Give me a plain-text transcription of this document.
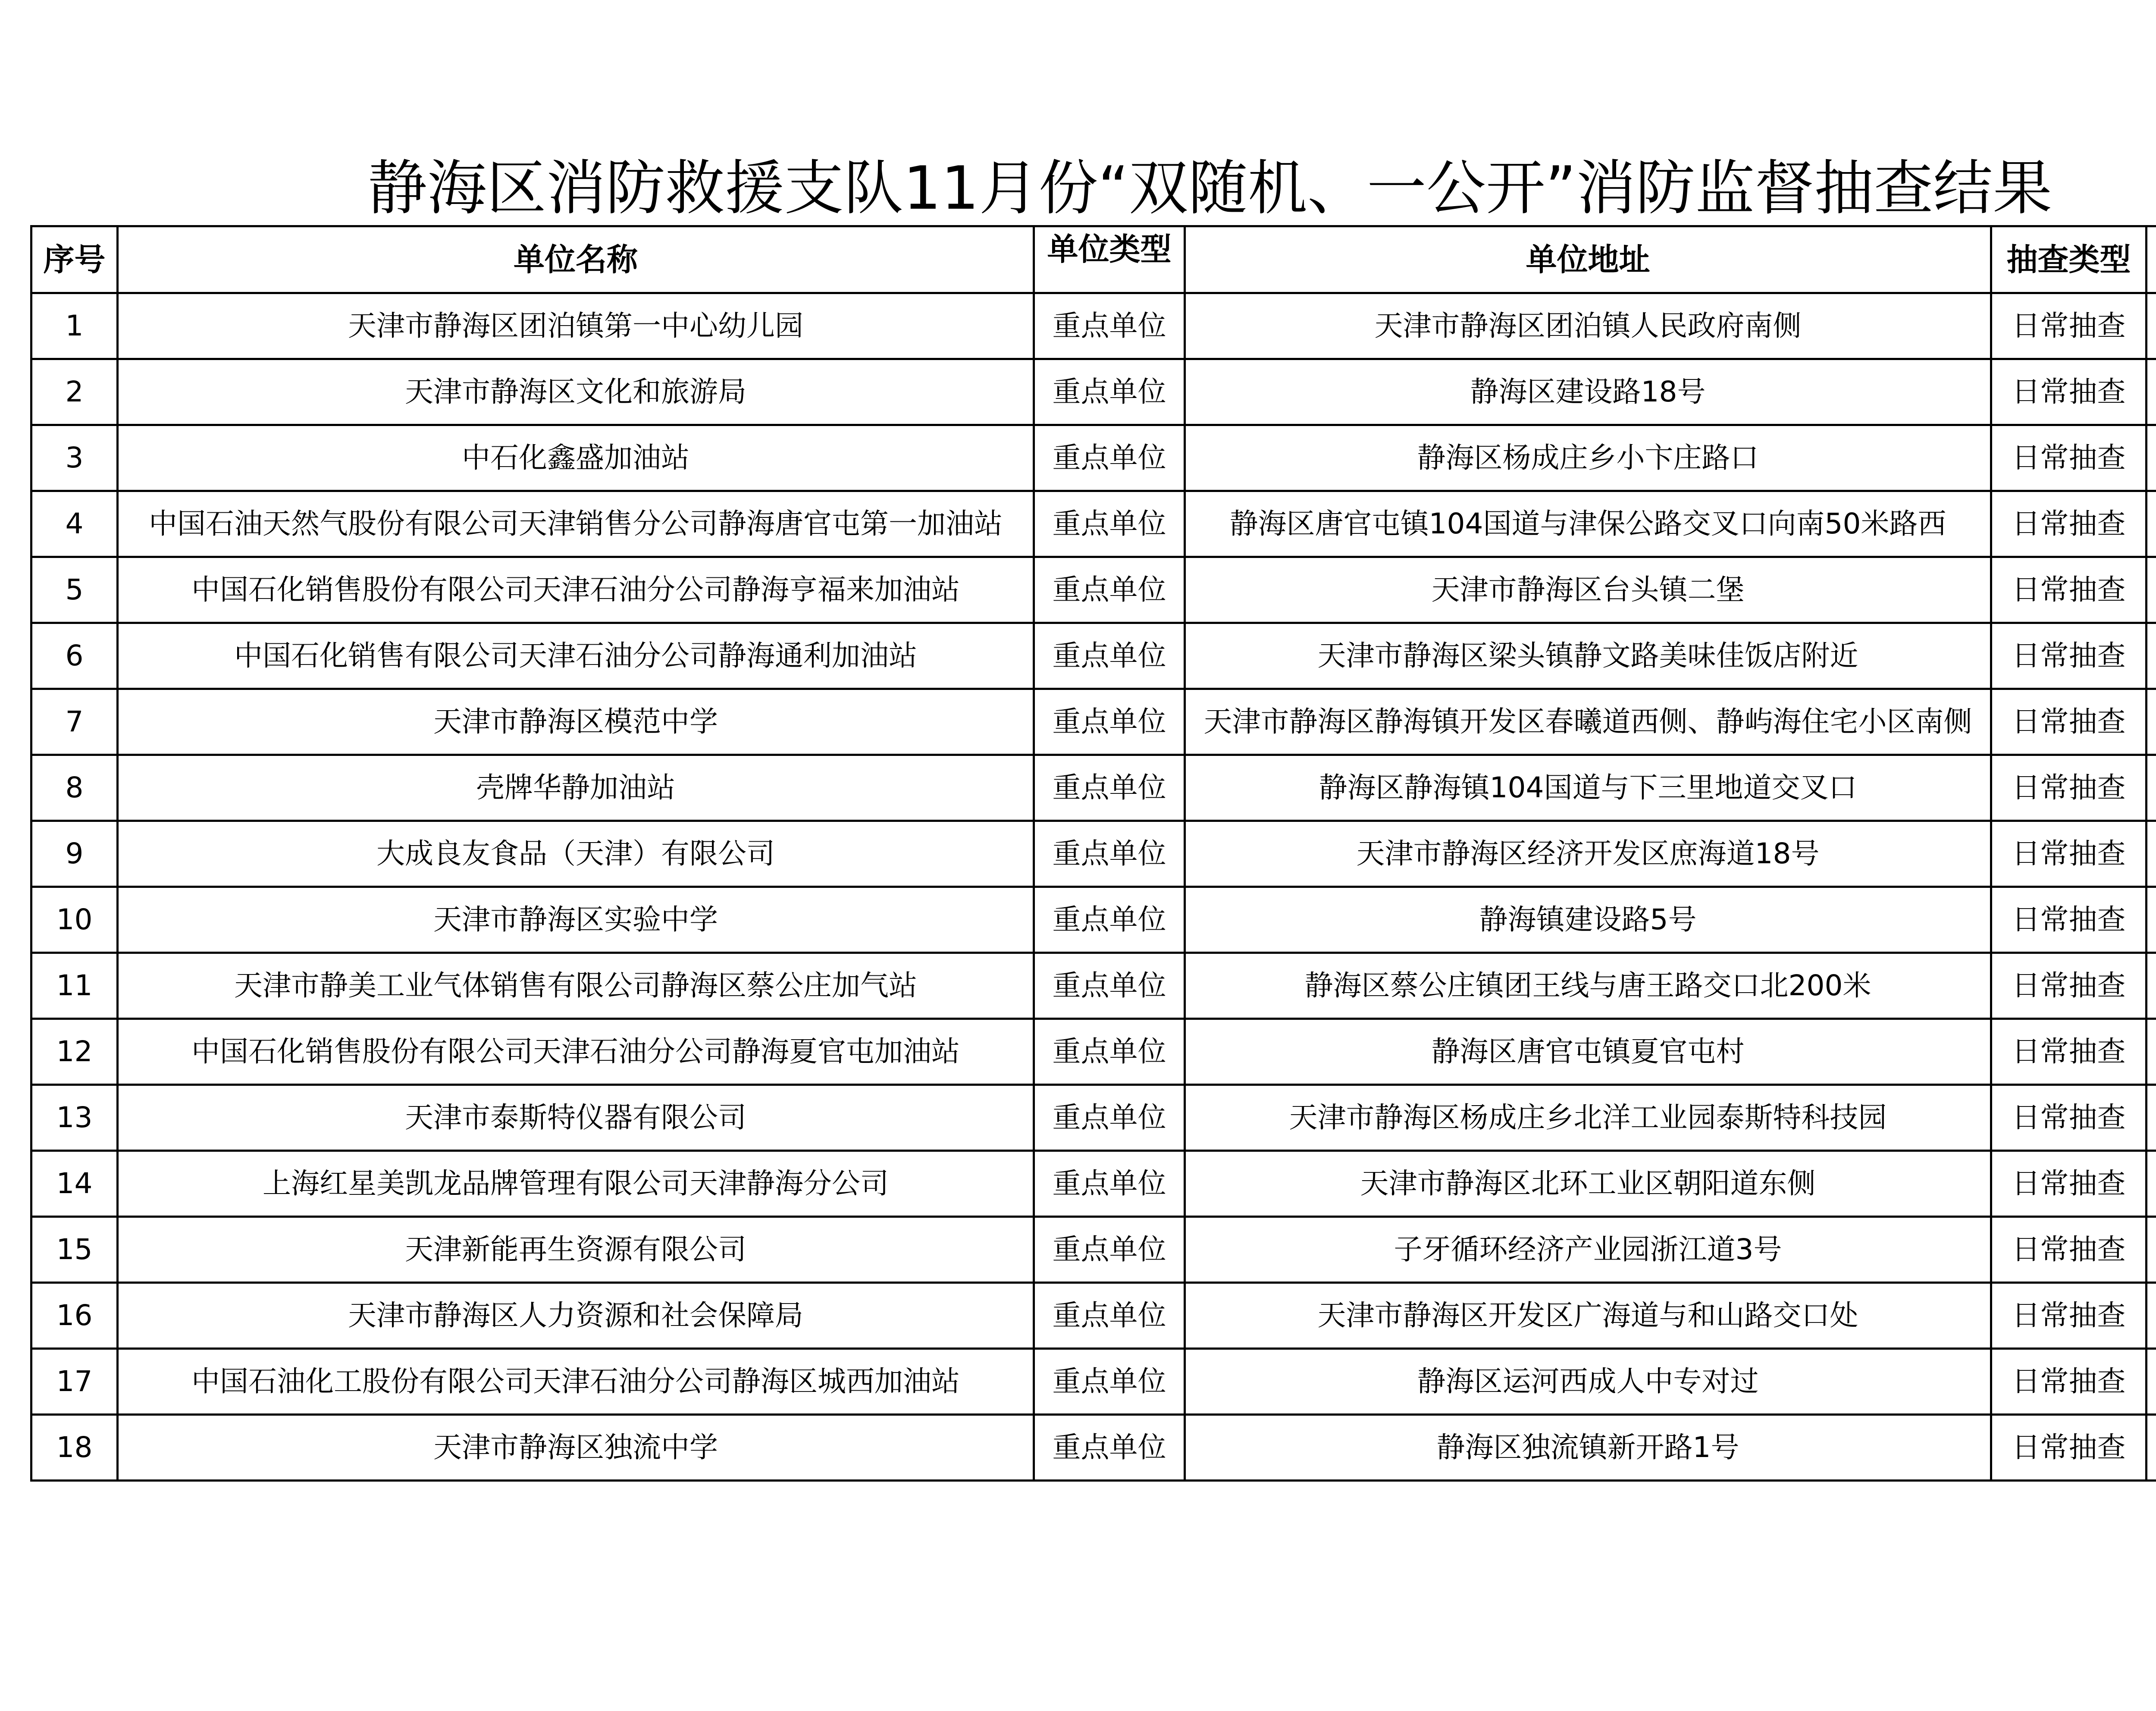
静海区消防救援支队11月份“双随机、一公开”消防监督抽查结果
序号	单位名称	单位类型	单位地址	抽查类型	
1	天津市静海区团泊镇第一中心幼儿园	重点单位	天津市静海区团泊镇人民政府南侧	日常抽查	
2	天津市静海区文化和旅游局	重点单位	静海区建设路18号	日常抽查	
3	中石化鑫盛加油站	重点单位	静海区杨成庄乡小卞庄路口	日常抽查	
4	中国石油天然气股份有限公司天津销售分公司静海唐官屯第一加油站	重点单位	静海区唐官屯镇104国道与津保公路交叉口向南50米路西	日常抽查	
5	中国石化销售股份有限公司天津石油分公司静海亨福来加油站	重点单位	天津市静海区台头镇二堡	日常抽查	
6	中国石化销售有限公司天津石油分公司静海通利加油站	重点单位	天津市静海区梁头镇静文路美味佳饭店附近	日常抽查	
7	天津市静海区模范中学	重点单位	天津市静海区静海镇开发区春曦道西侧、静屿海住宅小区南侧	日常抽查	
8	壳牌华静加油站	重点单位	静海区静海镇104国道与下三里地道交叉口	日常抽查	
9	大成良友食品（天津）有限公司	重点单位	天津市静海区经济开发区庶海道18号	日常抽查	
10	天津市静海区实验中学	重点单位	静海镇建设路5号	日常抽查	
11	天津市静美工业气体销售有限公司静海区蔡公庄加气站	重点单位	静海区蔡公庄镇团王线与唐王路交口北200米	日常抽查	
12	中国石化销售股份有限公司天津石油分公司静海夏官屯加油站	重点单位	静海区唐官屯镇夏官屯村	日常抽查	
13	天津市泰斯特仪器有限公司	重点单位	天津市静海区杨成庄乡北洋工业园泰斯特科技园	日常抽查	
14	上海红星美凯龙品牌管理有限公司天津静海分公司	重点单位	天津市静海区北环工业区朝阳道东侧	日常抽查	
15	天津新能再生资源有限公司	重点单位	子牙循环经济产业园浙江道3号	日常抽查	
16	天津市静海区人力资源和社会保障局	重点单位	天津市静海区开发区广海道与和山路交口处	日常抽查	
17	中国石油化工股份有限公司天津石油分公司静海区城西加油站	重点单位	静海区运河西成人中专对过	日常抽查	
18	天津市静海区独流中学	重点单位	静海区独流镇新开路1号	日常抽查	
